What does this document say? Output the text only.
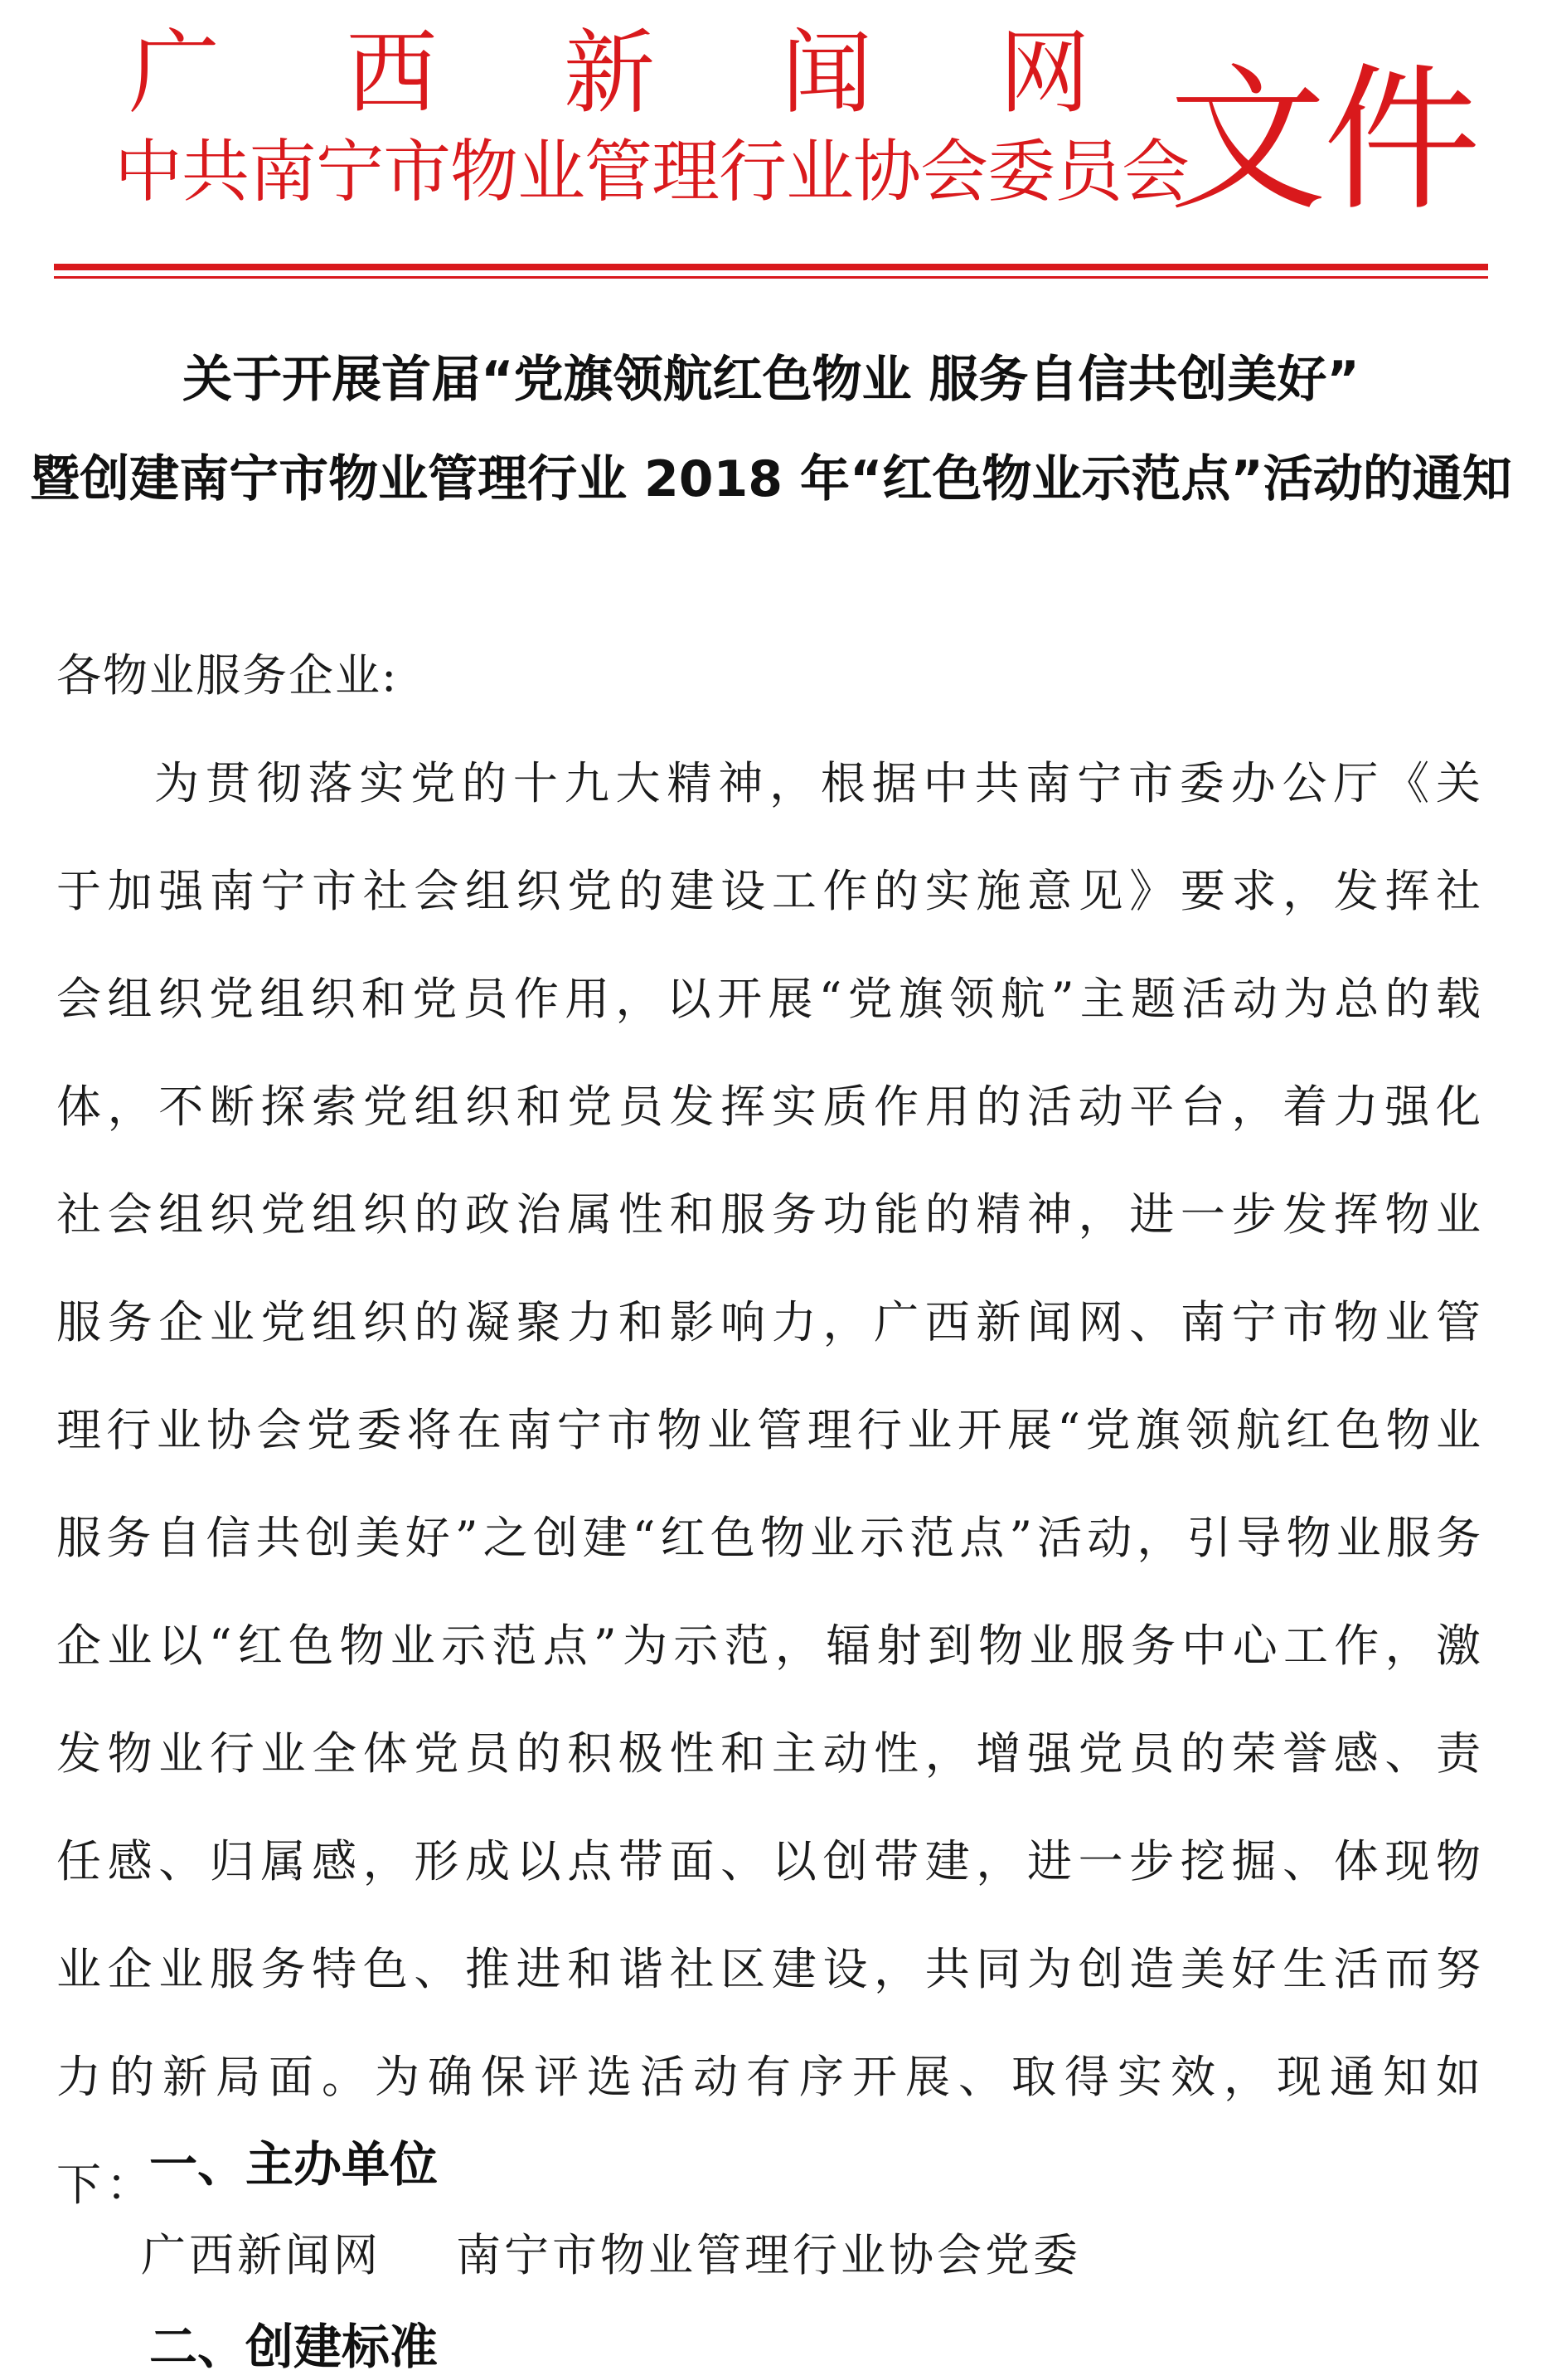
广 西 新 闻 网
中共南宁市物业管理行业协会委员会
文件
关于开展首届“党旗领航红色物业 服务自信共创美好”
暨创建南宁市物业管理行业 2018 年“红色物业示范点”活动的通知
各物业服务企业:

为贯彻落实党的十九大精神，根据中共南宁市委办公厅《关于加强南宁市社会组织党的建设工作的实施意见》要求，发挥社会组织党组织和党员作用，以开展“党旗领航”主题活动为总的载体，不断探索党组织和党员发挥实质作用的活动平台，着力强化社会组织党组织的政治属性和服务功能的精神，进一步发挥物业服务企业党组织的凝聚力和影响力，广西新闻网、南宁市物业管理行业协会党委将在南宁市物业管理行业开展“党旗领航红色物业　服务自信共创美好”之创建“红色物业示范点”活动，引导物业服务企业以“红色物业示范点”为示范，辐射到物业服务中心工作，激发物业行业全体党员的积极性和主动性，增强党员的荣誉感、责任感、归属感，形成以点带面、以创带建，进一步挖掘、体现物业企业服务特色、推进和谐社区建设，共同为创造美好生活而努力的新局面。为确保评选活动有序开展、取得实效，现通知如下：

一、主办单位
广西新闻网 南宁市物业管理行业协会党委
二、创建标准
